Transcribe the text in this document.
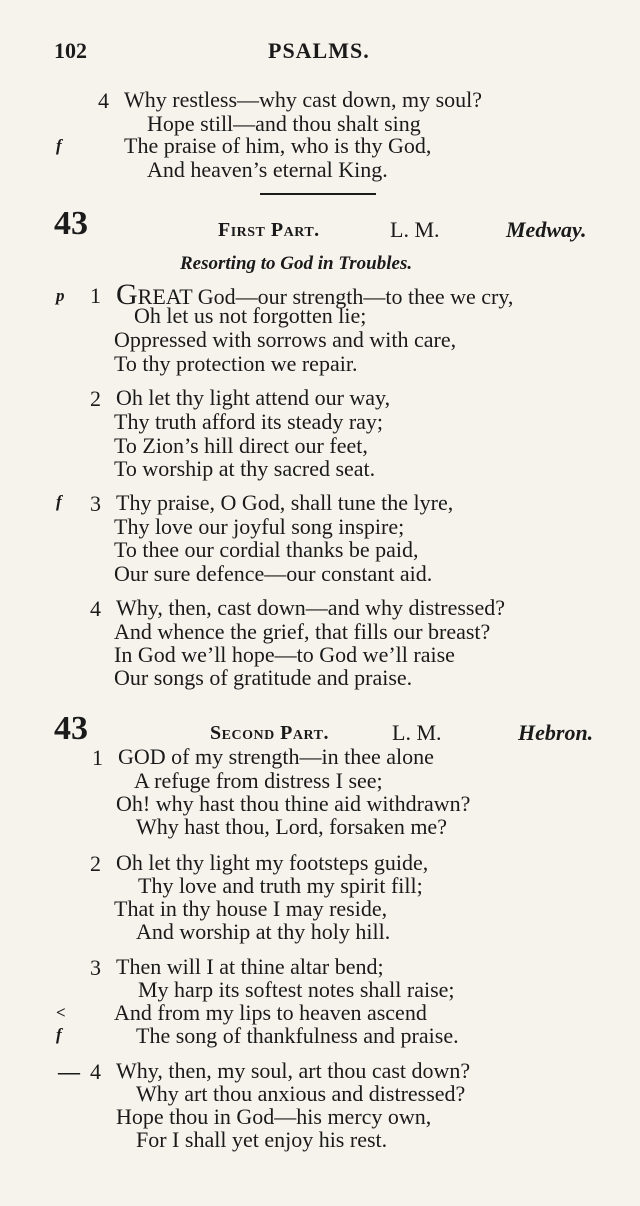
102	PSALMS.
4 Why restless—why cast down, my soul?
Hope still—and thou shalt sing
f	The praise of him, who is thy God,
And heaven’s eternal King.
43	First Part.	L. M.	Medway.
Resorting to God in Troubles.
p 1 GREAT God—our strength—to thee we cry,
Oh let us not forgotten lie;
Oppressed with sorrows and with care,
To thy protection we repair.
2 Oh let thy light attend our way,
Thy truth afford its steady ray;
To Zion’s hill direct our feet,
To worship at thy sacred seat.
f 3 Thy praise, O God, shall tune the lyre,
Thy love our joyful song inspire;
To thee our cordial thanks be paid,
Our sure defence—our constant aid.
4 Why, then, cast down—and why distressed?
And whence the grief, that fills our breast?
In God we’ll hope—to God we’ll raise
Our songs of gratitude and praise.
43	Second Part.	L. M.	Hebron.
1 GOD of my strength—in thee alone
A refuge from distress I see;
Oh! why hast thou thine aid withdrawn?
Why hast thou, Lord, forsaken me?
2 Oh let thy light my footsteps guide,
Thy love and truth my spirit fill;
That in thy house I may reside,
And worship at thy holy hill.
3 Then will I at thine altar bend;
My harp its softest notes shall raise;
< And from my lips to heaven ascend
f	The song of thankfulness and praise.
— 4 Why, then, my soul, art thou cast down?
Why art thou anxious and distressed?
Hope thou in God—his mercy own,
For I shall yet enjoy his rest.
